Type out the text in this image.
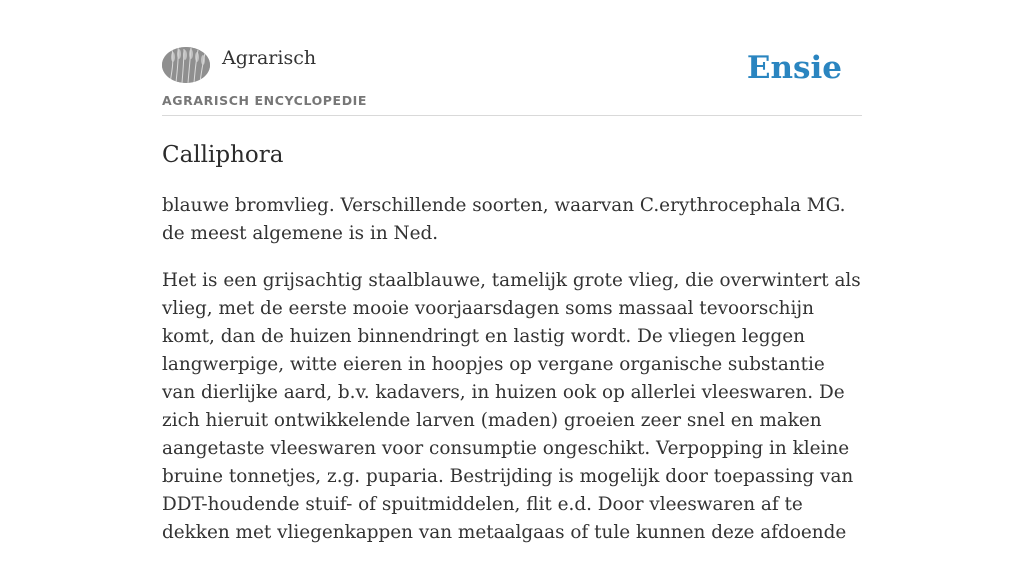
Agrarisch
AGRARISCH ENCYCLOPEDIE
Ensie
Calliphora

blauwe bromvlieg. Verschillende soorten, waarvan C.erythrocephala MG. de meest algemene is in Ned.

Het is een grijsachtig staalblauwe, tamelijk grote vlieg, die overwintert als vlieg, met de eerste mooie voorjaarsdagen soms massaal tevoorschijn komt, dan de huizen binnendringt en lastig wordt. De vliegen leggen langwerpige, witte eieren in hoopjes op vergane organische substantie van dierlijke aard, b.v. kadavers, in huizen ook op allerlei vleeswaren. De zich hieruit ontwikkelende larven (maden) groeien zeer snel en maken aangetaste vleeswaren voor consumptie ongeschikt. Verpopping in kleine bruine tonnetjes, z.g. puparia. Bestrijding is mogelijk door toepassing van DDT-houdende stuif- of spuitmiddelen, flit e.d. Door vleeswaren af te dekken met vliegenkappen van metaalgaas of tule kunnen deze afdoende
